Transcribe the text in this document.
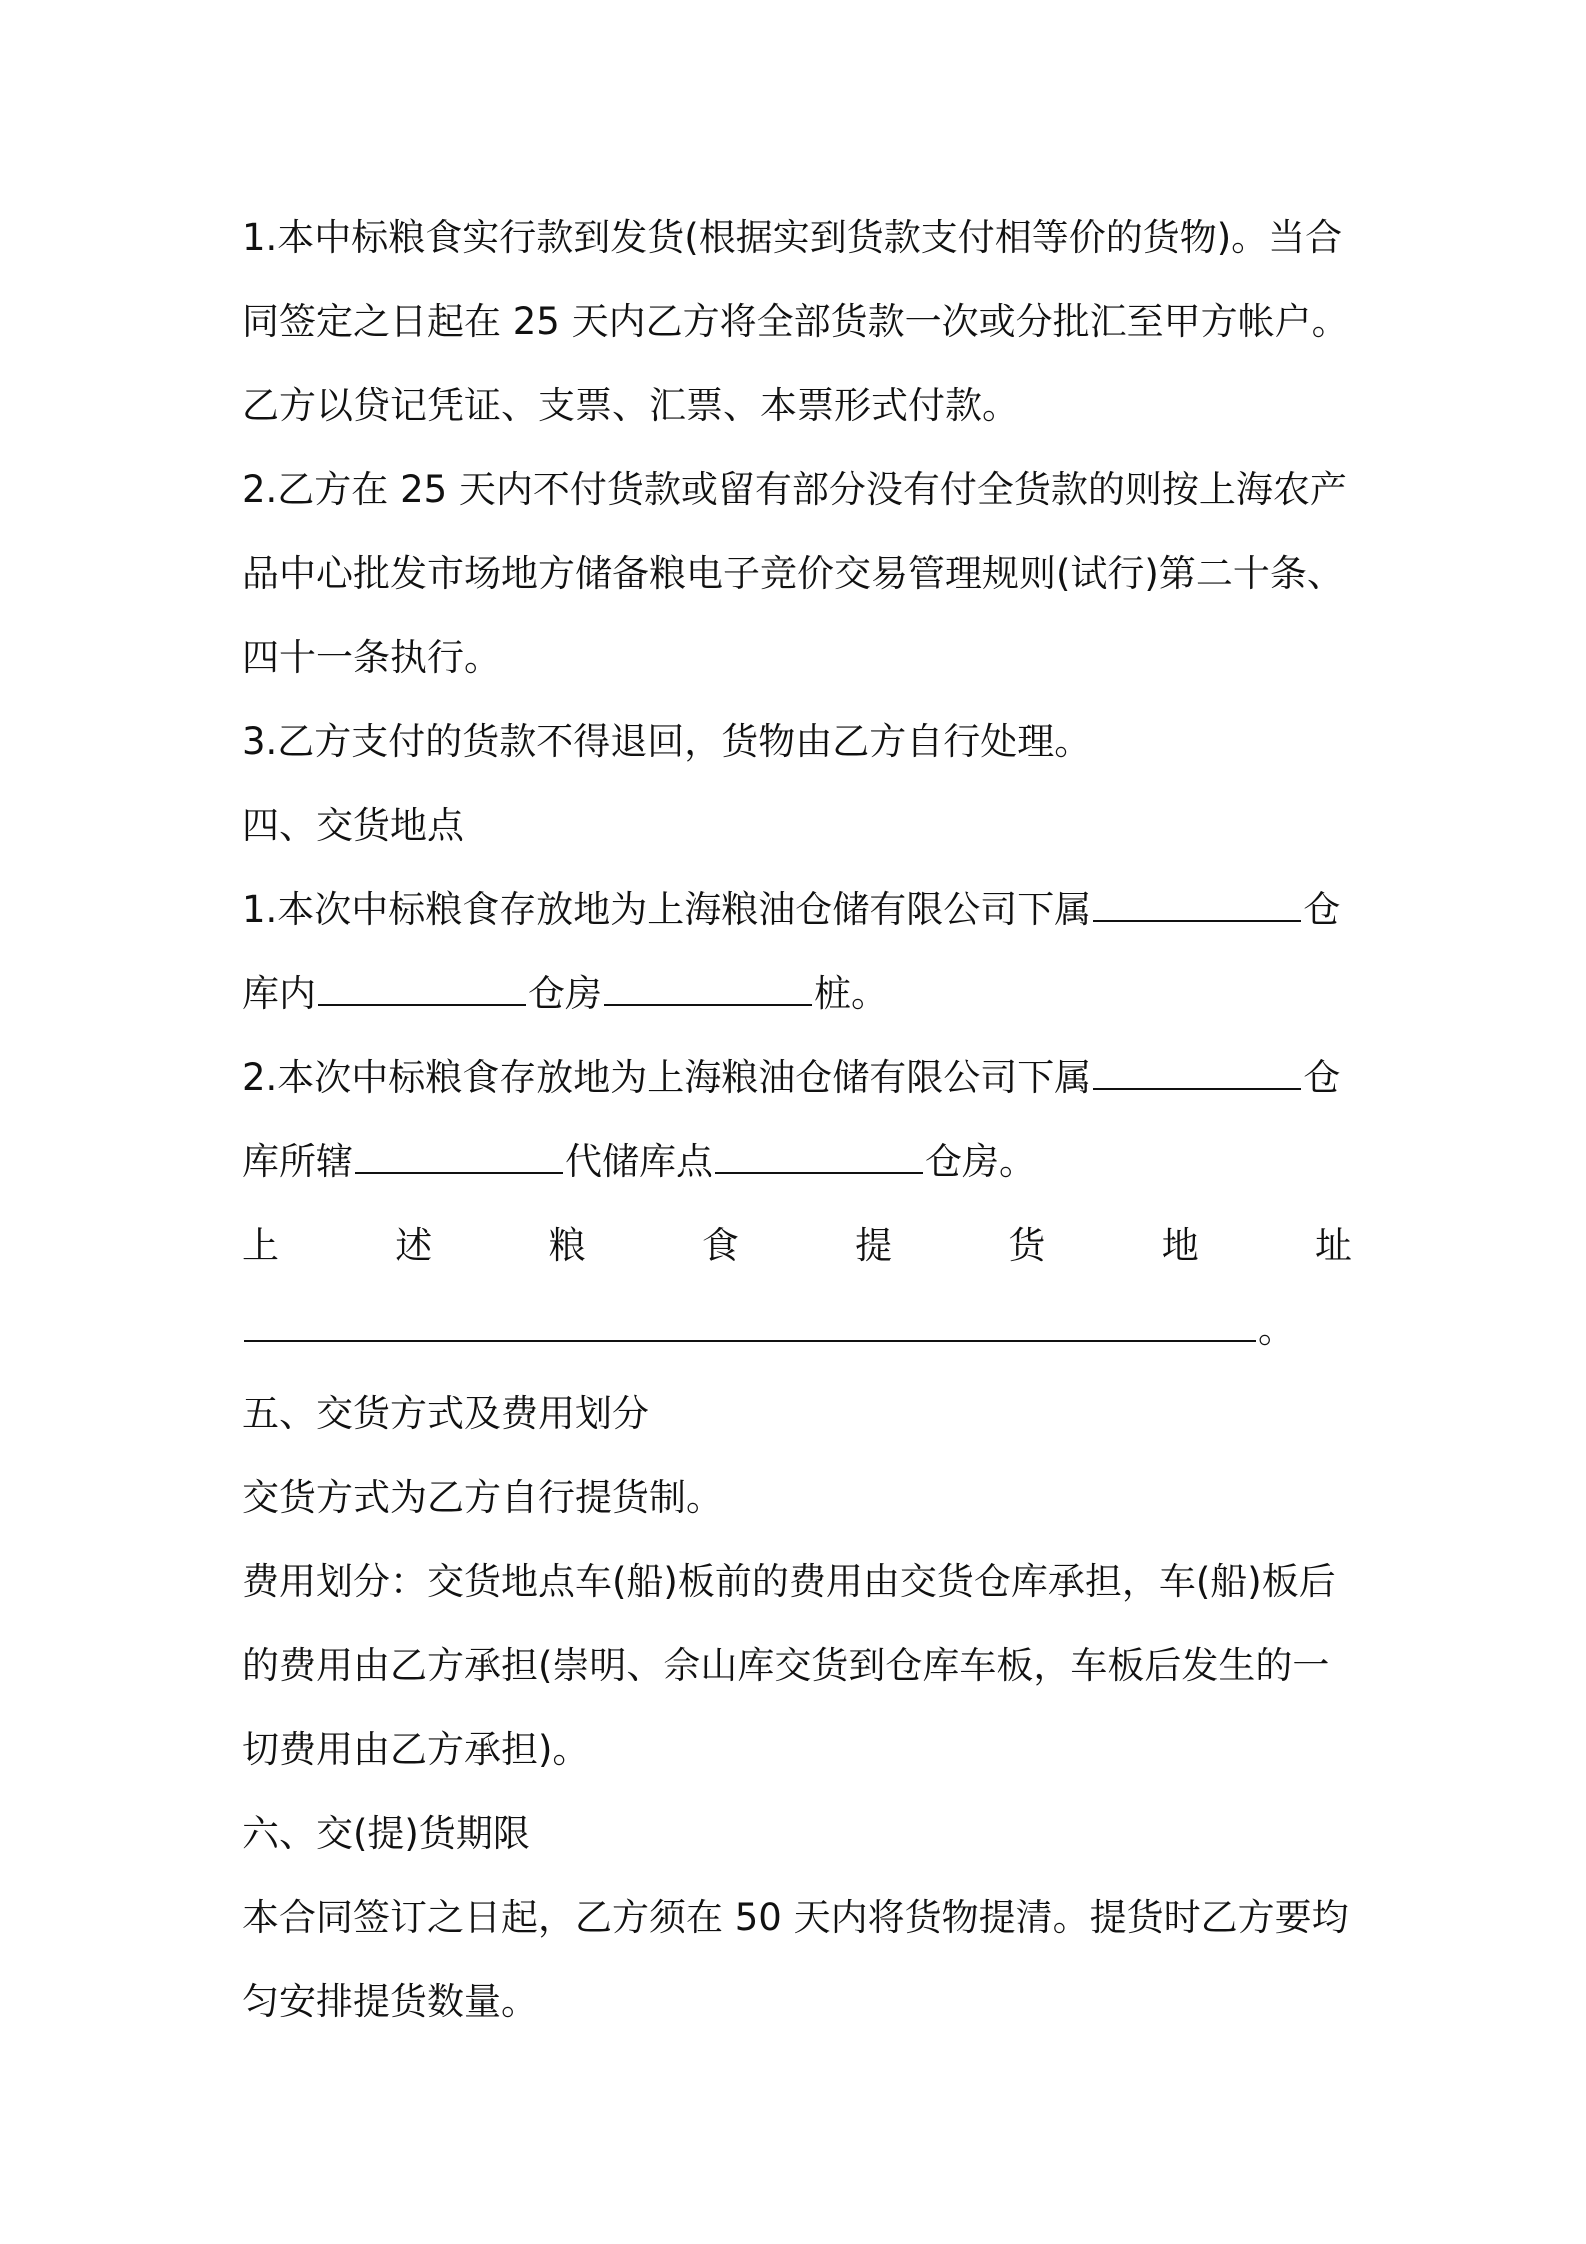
1.本中标粮食实行款到发货(根据实到货款支付相等价的货物)。当合
同签定之日起在 25 天内乙方将全部货款一次或分批汇至甲方帐户。
乙方以贷记凭证、支票、汇票、本票形式付款。
2.乙方在 25 天内不付货款或留有部分没有付全货款的则按上海农产
品中心批发市场地方储备粮电子竞价交易管理规则(试行)第二十条、
四十一条执行。
3.乙方支付的货款不得退回，货物由乙方自行处理。
四、交货地点
1.本次中标粮食存放地为上海粮油仓储有限公司下属	仓
库内	仓房	桩。
2.本次中标粮食存放地为上海粮油仓储有限公司下属	仓
库所辖	代储库点	仓房。
上	述	粮	食	提	货	地	址
。
五、交货方式及费用划分
交货方式为乙方自行提货制。
费用划分：交货地点车(船)板前的费用由交货仓库承担，车(船)板后
的费用由乙方承担(崇明、佘山库交货到仓库车板，车板后发生的一
切费用由乙方承担)。
六、交(提)货期限
本合同签订之日起，乙方须在 50 天内将货物提清。提货时乙方要均
匀安排提货数量。
